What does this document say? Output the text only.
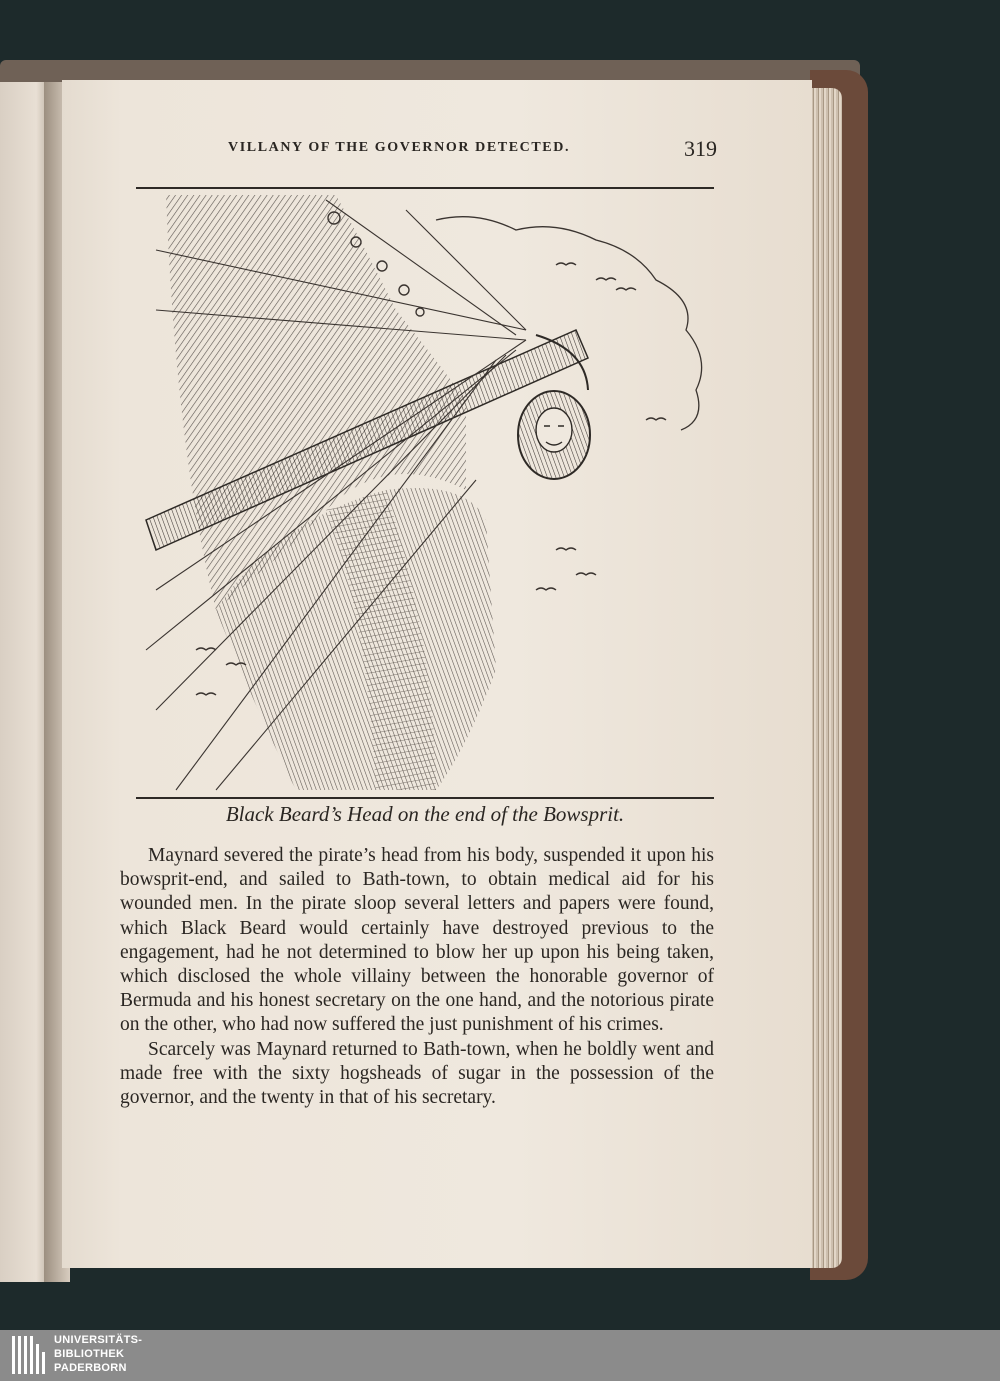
VILLANY OF THE GOVERNOR DETECTED.	319
Black Beard’s Head on the end of the Bowsprit.

Maynard severed the pirate’s head from his body, suspended it upon his bowsprit-end, and sailed to Bath-town, to obtain medical aid for his wounded men. In the pirate sloop several letters and papers were found, which Black Beard would certainly have destroyed previous to the engagement, had he not determined to blow her up upon his being taken, which disclosed the whole villainy between the honorable governor of Bermuda and his honest secretary on the one hand, and the notorious pirate on the other, who had now suffered the just punishment of his crimes.

Scarcely was Maynard returned to Bath-town, when he boldly went and made free with the sixty hogsheads of sugar in the possession of the governor, and the twenty in that of his secretary.

UNIVERSITÄTS-
BIBLIOTHEK
PADERBORN
